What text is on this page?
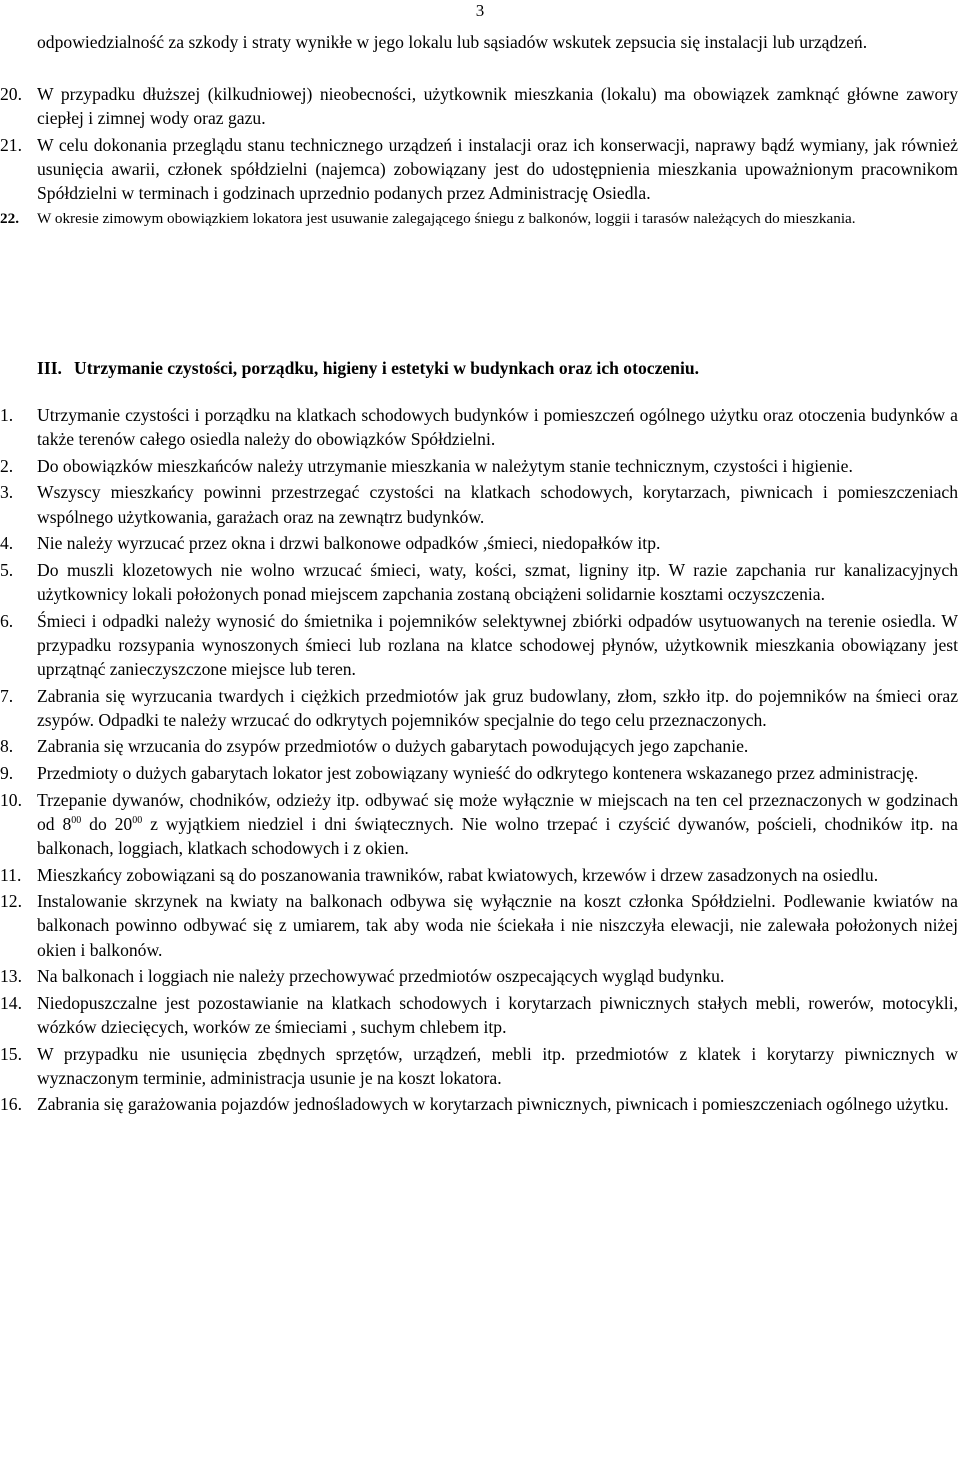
3
odpowiedzialność za szkody i straty wynikłe w jego lokalu lub sąsiadów wskutek zepsucia się instalacji lub urządzeń.
20. W przypadku dłuższej (kilkudniowej) nieobecności, użytkownik mieszkania (lokalu) ma obowiązek zamknąć główne zawory ciepłej i zimnej wody oraz gazu.
21. W celu dokonania przeglądu stanu technicznego urządzeń i instalacji oraz ich konserwacji, naprawy bądź wymiany, jak również usunięcia awarii, członek spółdzielni (najemca) zobowiązany jest do udostępnienia mieszkania upoważnionym pracownikom Spółdzielni w terminach i godzinach uprzednio podanych przez Administrację Osiedla.
22.	W okresie zimowym obowiązkiem lokatora jest usuwanie zalegającego śniegu z balkonów, loggii i tarasów należących do mieszkania.
III. Utrzymanie czystości, porządku, higieny i estetyki w budynkach oraz ich otoczeniu.
1.	Utrzymanie czystości i porządku na klatkach schodowych budynków i pomieszczeń ogólnego użytku oraz otoczenia budynków a także terenów całego osiedla należy do obowiązków Spółdzielni.
2.	Do obowiązków mieszkańców należy utrzymanie mieszkania w należytym stanie technicznym, czystości i higienie.
3.	Wszyscy mieszkańcy powinni przestrzegać czystości na klatkach schodowych, korytarzach, piwnicach i pomieszczeniach wspólnego użytkowania, garażach oraz na zewnątrz budynków.
4.	Nie należy wyrzucać przez okna i drzwi balkonowe odpadków ,śmieci, niedopałków itp.
5.	Do muszli klozetowych nie wolno wrzucać śmieci, waty, kości, szmat, ligniny itp. W razie zapchania rur kanalizacyjnych użytkownicy lokali położonych ponad miejscem zapchania zostaną obciążeni solidarnie kosztami oczyszczenia.
6.	Śmieci i odpadki należy wynosić do śmietnika i pojemników selektywnej zbiórki odpadów usytuowanych na terenie osiedla. W przypadku rozsypania wynoszonych śmieci lub rozlana na klatce schodowej płynów, użytkownik mieszkania obowiązany jest uprzątnąć zanieczyszczone miejsce lub teren.
7.	Zabrania się wyrzucania twardych i ciężkich przedmiotów jak gruz budowlany, złom, szkło itp. do pojemników na śmieci oraz zsypów. Odpadki te należy wrzucać do odkrytych pojemników specjalnie do tego celu przeznaczonych.
8.	Zabrania się wrzucania do zsypów przedmiotów o dużych gabarytach powodujących jego zapchanie.
9.	Przedmioty o dużych gabarytach lokator jest zobowiązany wynieść do odkrytego kontenera wskazanego przez administrację.
10. Trzepanie dywanów, chodników, odzieży itp. odbywać się może wyłącznie w miejscach na ten cel przeznaczonych w godzinach od $8^{00}$ do $20^{00}$ z wyjątkiem niedziel i dni świątecznych. Nie wolno trzepać i czyścić dywanów, pościeli, chodników itp. na balkonach, loggiach, klatkach schodowych i z okien.
11. Mieszkańcy zobowiązani są do poszanowania trawników, rabat kwiatowych, krzewów i drzew zasadzonych na osiedlu.
12. Instalowanie skrzynek na kwiaty na balkonach odbywa się wyłącznie na koszt członka Spółdzielni. Podlewanie kwiatów na balkonach powinno odbywać się z umiarem, tak aby woda nie ściekała i nie niszczyła elewacji, nie zalewała położonych niżej okien i balkonów.
13. Na balkonach i loggiach nie należy przechowywać przedmiotów oszpecających wygląd budynku.
14. Niedopuszczalne jest pozostawianie na klatkach schodowych i korytarzach piwnicznych stałych mebli, rowerów, motocykli, wózków dziecięcych, worków ze śmieciami , suchym chlebem itp.
15. W przypadku nie usunięcia zbędnych sprzętów, urządzeń, mebli itp. przedmiotów z klatek i korytarzy piwnicznych w wyznaczonym terminie, administracja usunie je na koszt lokatora.
16. Zabrania się garażowania pojazdów jednośladowych w korytarzach piwnicznych, piwnicach i pomieszczeniach ogólnego użytku.
